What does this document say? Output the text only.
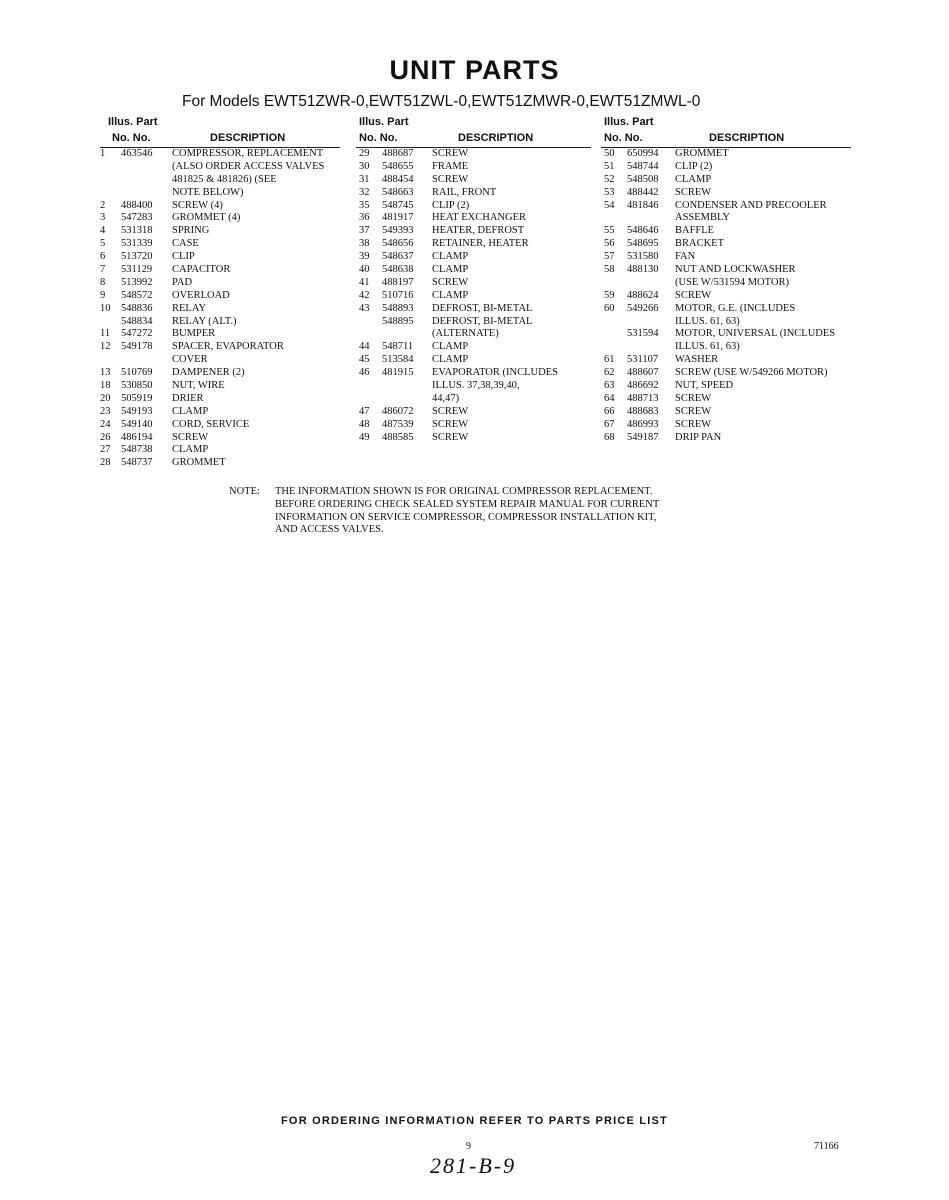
UNIT PARTS
For Models EWT51ZWR-0,EWT51ZWL-0,EWT51ZMWR-0,EWT51ZMWL-0
Illus. Part
No. No.	DESCRIPTION
1 463546 COMPRESSOR, REPLACEMENT
(ALSO ORDER ACCESS VALVES
481825 & 481826) (SEE
NOTE BELOW)
2 488400 SCREW (4)
3 547283 GROMMET (4)
4 531318 SPRING
5 531339 CASE
6 513720 CLIP
7 531129 CAPACITOR
8 513992 PAD
9 548572 OVERLOAD
10 548836 RELAY
548834 RELAY (ALT.)
11 547272 BUMPER
12 549178 SPACER, EVAPORATOR
COVER
13 510769 DAMPENER (2)
18 530850 NUT, WIRE
20 505919 DRIER
23 549193 CLAMP
24 549140 CORD, SERVICE
26 486194 SCREW
27 548738 CLAMP
28 548737 GROMMET
Illus. Part
No. No.	DESCRIPTION
29 488687 SCREW
30 548655 FRAME
31 488454 SCREW
32 548663 RAIL, FRONT
35 548745 CLIP (2)
36 481917 HEAT EXCHANGER
37 549393 HEATER, DEFROST
38 548656 RETAINER, HEATER
39 548637 CLAMP
40 548638 CLAMP
41 488197 SCREW
42 510716 CLAMP
43 548893 DEFROST, BI-METAL
548895 DEFROST, BI-METAL
(ALTERNATE)
44 548711 CLAMP
45 513584 CLAMP
46 481915 EVAPORATOR (INCLUDES
ILLUS. 37,38,39,40,
44,47)
47 486072 SCREW
48 487539 SCREW
49 488585 SCREW
Illus. Part
No. No.	DESCRIPTION
50 650994 GROMMET
51 548744 CLIP (2)
52 548508 CLAMP
53 488442 SCREW
54 481846 CONDENSER AND PRECOOLER
ASSEMBLY
55 548646 BAFFLE
56 548695 BRACKET
57 531580 FAN
58 488130 NUT AND LOCKWASHER
(USE W/531594 MOTOR)
59 488624 SCREW
60 549266 MOTOR, G.E. (INCLUDES
ILLUS. 61, 63)
531594 MOTOR, UNIVERSAL (INCLUDES
ILLUS. 61, 63)
61 531107 WASHER
62 488607 SCREW (USE W/549266 MOTOR)
63 486692 NUT, SPEED
64 488713 SCREW
66 488683 SCREW
67 486993 SCREW
68 549187 DRIP PAN
NOTE: THE INFORMATION SHOWN IS FOR ORIGINAL COMPRESSOR REPLACEMENT.
BEFORE ORDERING CHECK SEALED SYSTEM REPAIR MANUAL FOR CURRENT
INFORMATION ON SERVICE COMPRESSOR, COMPRESSOR INSTALLATION KIT,
AND ACCESS VALVES.
FOR ORDERING INFORMATION REFER TO PARTS PRICE LIST
9	71166
281-B-9
